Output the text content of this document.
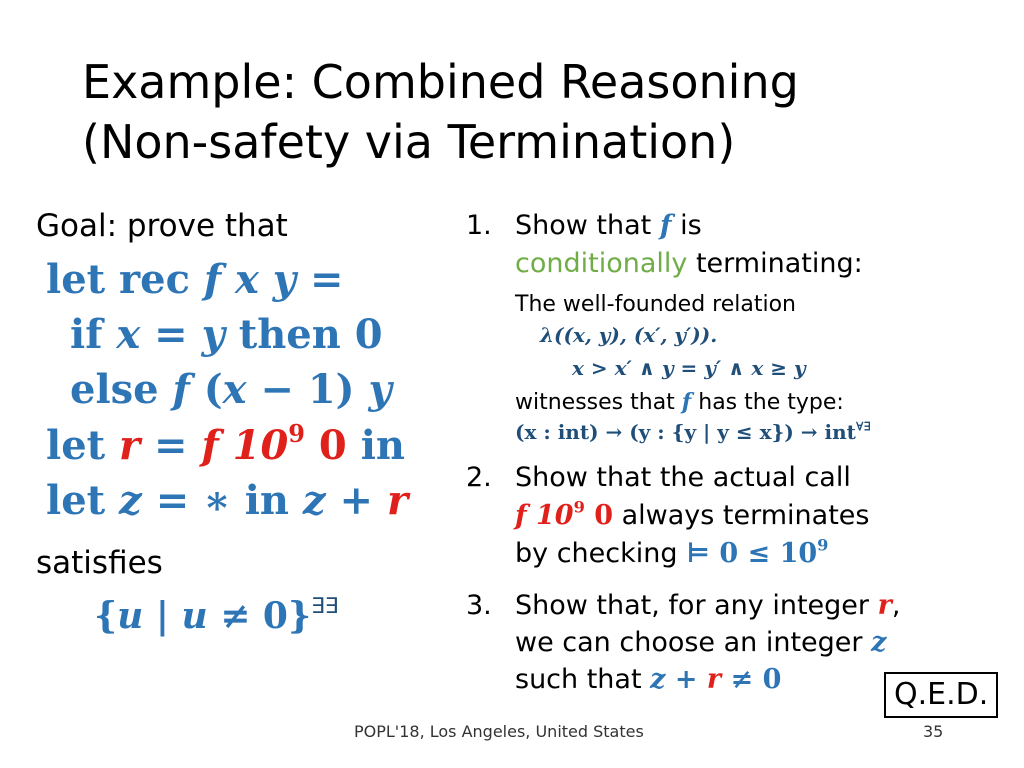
Example: Combined Reasoning
(Non-safety via Termination)
Goal: prove that
let rec f x y =
if x = y then 0
else f (x − 1) y
let r = f $10^9$ 0 in
let z = ∗ in z + r
satisfies
{u | u ≠ 0}∃∃
1. Show that f is
conditionally terminating:
The well-founded relation
λ((x, y), (x′, y′)).
x > x′ ∧ y = y′ ∧ x ≥ y
witnesses that f has the type:
(x : int) → (y : {y | y ≤ x}) → int∀∃
2. Show that the actual call
f $10^9$ 0 always terminates
by checking ⊨ $0 \le 10^9$
3. Show that, for any integer r,
we can choose an integer z
such that z + r ≠ 0	Q.E.D.
POPL'18, Los Angeles, United States	35
